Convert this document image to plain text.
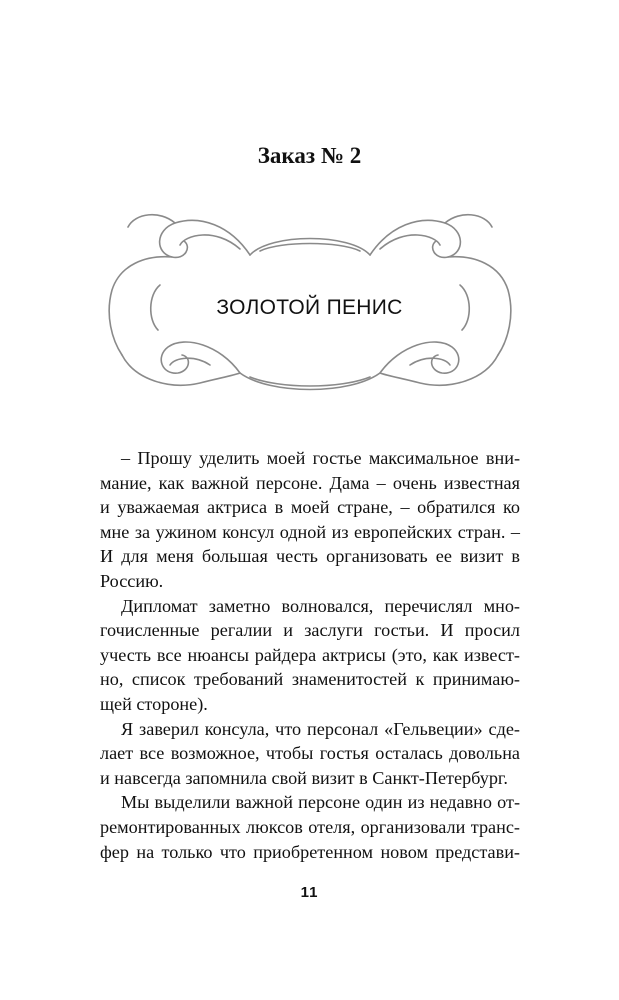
Заказ № 2
ЗОЛОТОЙ ПЕНИС
– Прошу уделить моей гостье максимальное вни-
мание, как важной персоне. Дама – очень известная
и уважаемая актриса в моей стране, – обратился ко
мне за ужином консул одной из европейских стран. –
И для меня большая честь организовать ее визит в
Россию.
Дипломат заметно волновался, перечислял мно-
гочисленные регалии и заслуги гостьи. И просил
учесть все нюансы райдера актрисы (это, как извест-
но, список требований знаменитостей к принимаю-
щей стороне).
Я заверил консула, что персонал «Гельвеции» сде-
лает все возможное, чтобы гостья осталась довольна
и навсегда запомнила свой визит в Санкт-Петербург.
Мы выделили важной персоне один из недавно от-
ремонтированных люксов отеля, организовали транс-
фер на только что приобретенном новом представи-
11
